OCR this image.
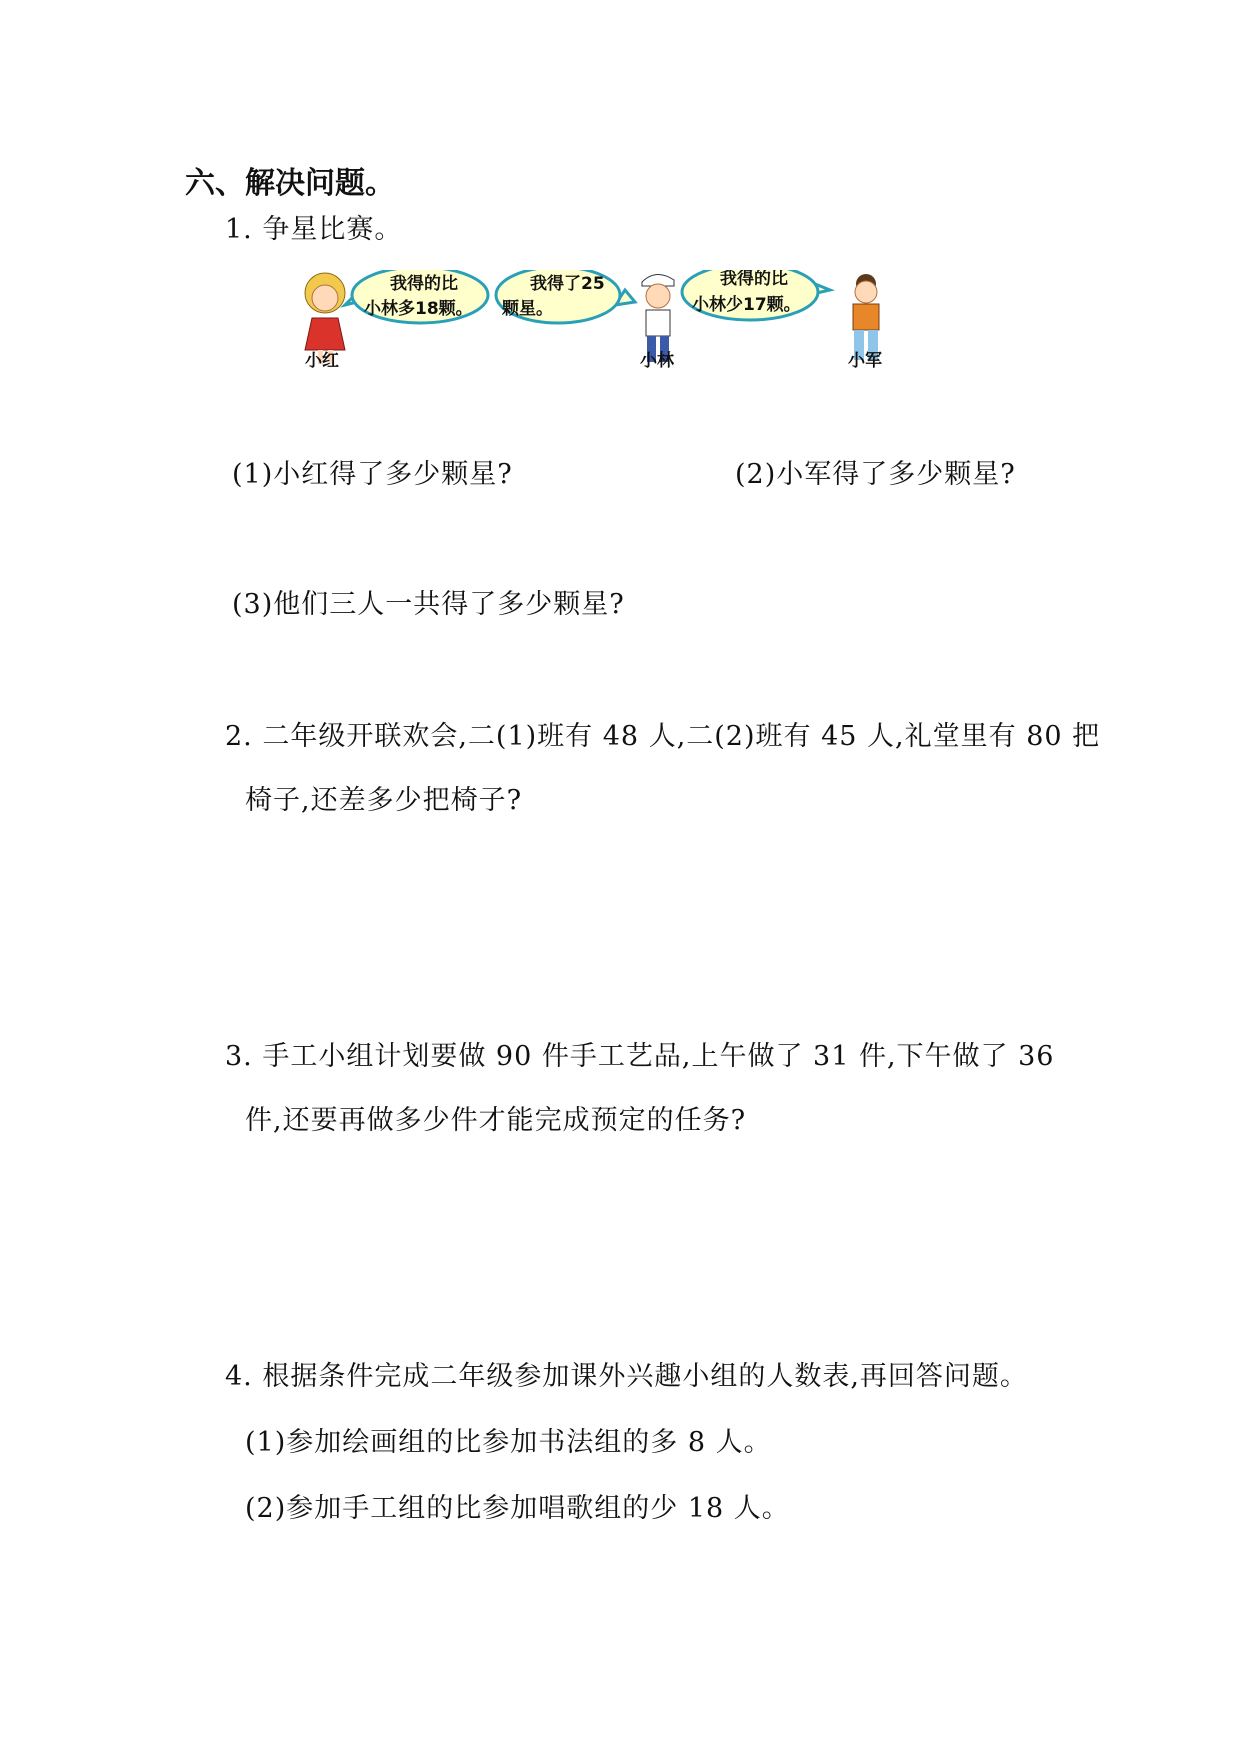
六、解决问题。
1. 争星比赛。
我得的比
小林多18颗。
我得了25
颗星。
我得的比
小林少17颗。
小红	小林	小军
(1)小红得了多少颗星?	(2)小军得了多少颗星?
(3)他们三人一共得了多少颗星?
2. 二年级开联欢会,二(1)班有 48 人,二(2)班有 45 人,礼堂里有 80 把
椅子,还差多少把椅子?
3. 手工小组计划要做 90 件手工艺品,上午做了 31 件,下午做了 36
件,还要再做多少件才能完成预定的任务?
4. 根据条件完成二年级参加课外兴趣小组的人数表,再回答问题。
(1)参加绘画组的比参加书法组的多 8 人。
(2)参加手工组的比参加唱歌组的少 18 人。
